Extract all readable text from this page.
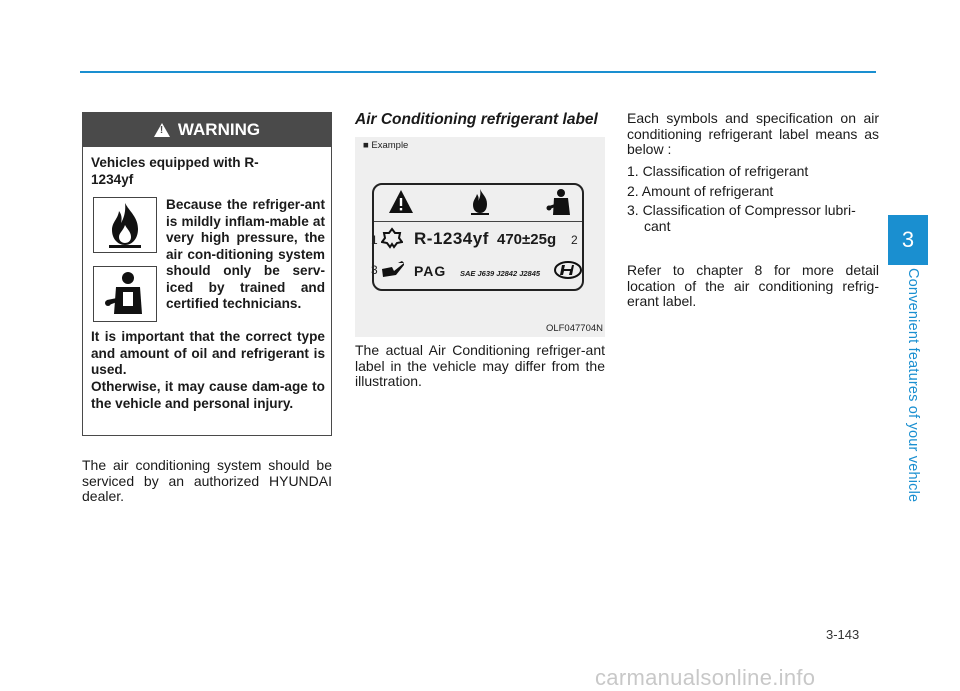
3
Convenient features of your vehicle
!
WARNING
Vehicles equipped with R-1234yf
Because the refriger-ant is mildly inflam-mable at very high pressure, the air con-ditioning system should only be serv-iced by trained and certified technicians.
It is important that the correct type and amount of oil and refrigerant is used.
Otherwise, it may cause dam-age to the vehicle and personal injury.
The air conditioning system should be serviced by an authorized HYUNDAI dealer.
Air Conditioning refrigerant label
■ Example
1 R-1234yf 470±25g 2
3	PAG SAE J639 J2842 J2845
OLF047704N
The actual Air Conditioning refriger-ant label in the vehicle may differ from the illustration.
Each symbols and specification on air conditioning refrigerant label means as below :
1. Classification of refrigerant
2. Amount of refrigerant
3. Classification of Compressor lubri-cant
Refer to chapter 8 for more detail location of the air conditioning refrig-erant label.
3-143
carmanualsonline.info
